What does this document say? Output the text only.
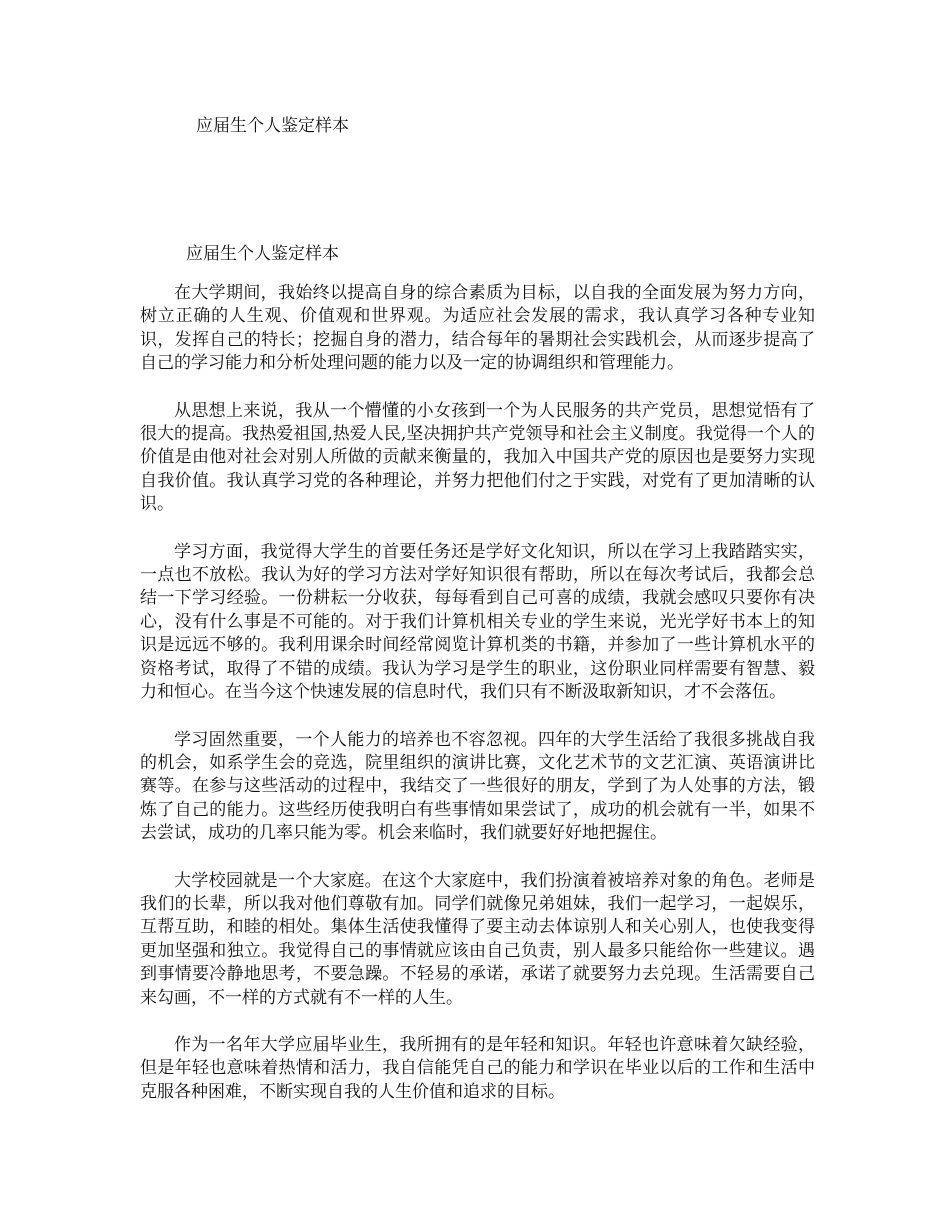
应届生个人鉴定样本
应届生个人鉴定样本

在大学期间，我始终以提高自身的综合素质为目标，以自我的全面发展为努力方向，树立正确的人生观、价值观和世界观。为适应社会发展的需求，我认真学习各种专业知识，发挥自己的特长；挖掘自身的潜力，结合每年的暑期社会实践机会，从而逐步提高了自己的学习能力和分析处理问题的能力以及一定的协调组织和管理能力。

从思想上来说，我从一个懵懂的小女孩到一个为人民服务的共产党员，思想觉悟有了很大的提高。我热爱祖国,热爱人民,坚决拥护共产党领导和社会主义制度。我觉得一个人的价值是由他对社会对别人所做的贡献来衡量的，我加入中国共产党的原因也是要努力实现自我价值。我认真学习党的各种理论，并努力把他们付之于实践，对党有了更加清晰的认识。

学习方面，我觉得大学生的首要任务还是学好文化知识，所以在学习上我踏踏实实，一点也不放松。我认为好的学习方法对学好知识很有帮助，所以在每次考试后，我都会总结一下学习经验。一份耕耘一分收获，每每看到自己可喜的成绩，我就会感叹只要你有决心，没有什么事是不可能的。对于我们计算机相关专业的学生来说，光光学好书本上的知识是远远不够的。我利用课余时间经常阅览计算机类的书籍，并参加了一些计算机水平的资格考试，取得了不错的成绩。我认为学习是学生的职业，这份职业同样需要有智慧、毅力和恒心。在当今这个快速发展的信息时代，我们只有不断汲取新知识，才不会落伍。

学习固然重要，一个人能力的培养也不容忽视。四年的大学生活给了我很多挑战自我的机会，如系学生会的竞选，院里组织的演讲比赛，文化艺术节的文艺汇演、英语演讲比赛等。在参与这些活动的过程中，我结交了一些很好的朋友，学到了为人处事的方法，锻炼了自己的能力。这些经历使我明白有些事情如果尝试了，成功的机会就有一半，如果不去尝试，成功的几率只能为零。机会来临时，我们就要好好地把握住。

大学校园就是一个大家庭。在这个大家庭中，我们扮演着被培养对象的角色。老师是我们的长辈，所以我对他们尊敬有加。同学们就像兄弟姐妹，我们一起学习，一起娱乐，互帮互助，和睦的相处。集体生活使我懂得了要主动去体谅别人和关心别人，也使我变得更加坚强和独立。我觉得自己的事情就应该由自己负责，别人最多只能给你一些建议。遇到事情要冷静地思考，不要急躁。不轻易的承诺，承诺了就要努力去兑现。生活需要自己来勾画，不一样的方式就有不一样的人生。

作为一名年大学应届毕业生，我所拥有的是年轻和知识。年轻也许意味着欠缺经验，但是年轻也意味着热情和活力，我自信能凭自己的能力和学识在毕业以后的工作和生活中克服各种困难，不断实现自我的人生价值和追求的目标。
